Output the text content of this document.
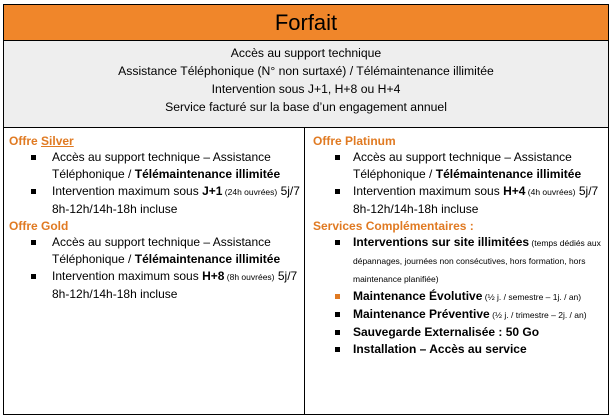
Forfait
Accès au support technique
Assistance Téléphonique (N° non surtaxé) / Télémaintenance illimitée
Intervention sous J+1, H+8 ou H+4
Service facturé sur la base d’un engagement annuel
Offre Silver
Accès au support technique – Assistance Téléphonique / Télémaintenance illimitée
Intervention maximum sous J+1 (24h ouvrées) 5j/7 8h-12h/14h-18h incluse
Offre Gold
Accès au support technique – Assistance Téléphonique / Télémaintenance illimitée
Intervention maximum sous H+8 (8h ouvrées) 5j/7 8h-12h/14h-18h incluse
Offre Platinum
Accès au support technique – Assistance Téléphonique / Télémaintenance illimitée
Intervention maximum sous H+4 (4h ouvrées) 5j/7 8h-12h/14h-18h incluse
Services Complémentaires :
Interventions sur site illimitées (temps dédiés aux dépannages, journées non consécutives, hors formation, hors maintenance planifiée)
Maintenance Évolutive (½ j. / semestre – 1j. / an)
Maintenance Préventive (½ j. / trimestre – 2j. / an)
Sauvegarde Externalisée : 50 Go
Installation – Accès au service
